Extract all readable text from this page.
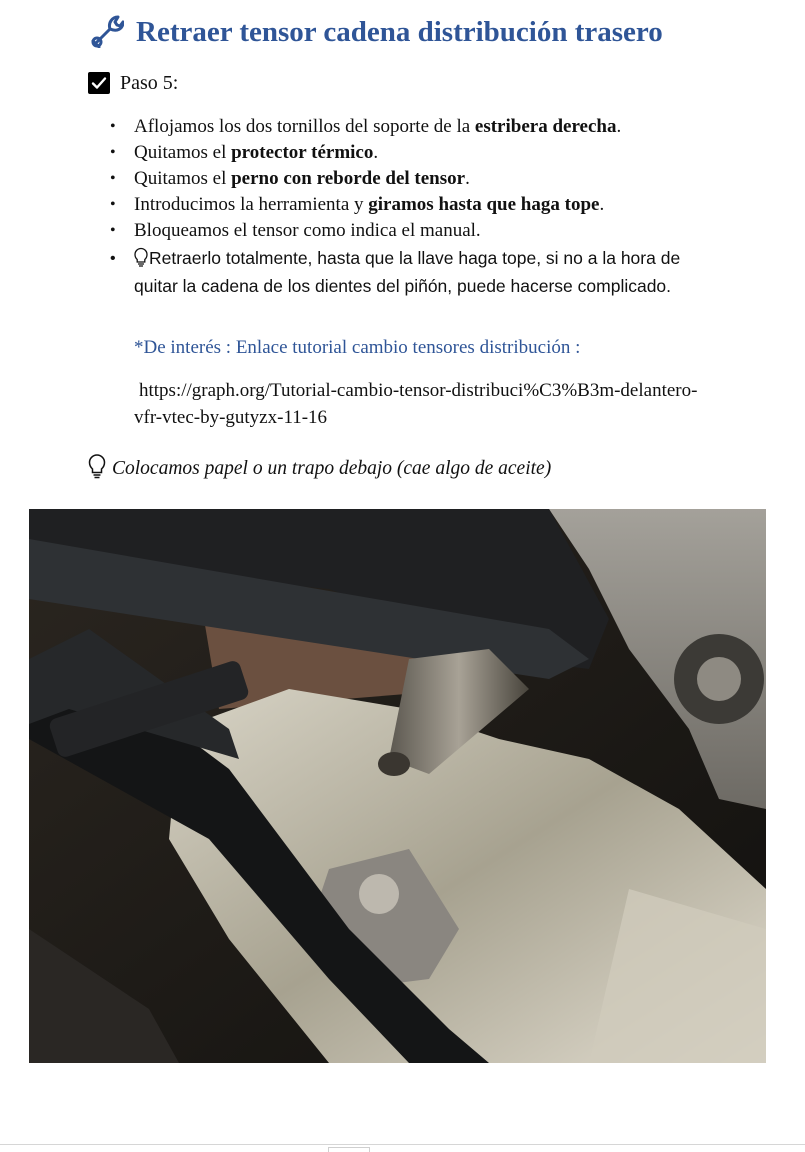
Retraer tensor cadena distribución trasero
Paso 5:
• Aflojamos los dos tornillos del soporte de la estribera derecha.
• Quitamos el protector térmico.
• Quitamos el perno con reborde del tensor.
• Introducimos la herramienta y giramos hasta que haga tope.
• Bloqueamos el tensor como indica el manual.
• Retraerlo totalmente, hasta que la llave haga tope, si no a la hora de quitar la cadena de los dientes del piñón, puede hacerse complicado.
*De interés : Enlace tutorial cambio tensores distribución :
https://graph.org/Tutorial-cambio-tensor-distribuci%C3%B3m-delantero-vfr-vtec-by-gutyzx-11-16
Colocamos papel o un trapo debajo (cae algo de aceite)
